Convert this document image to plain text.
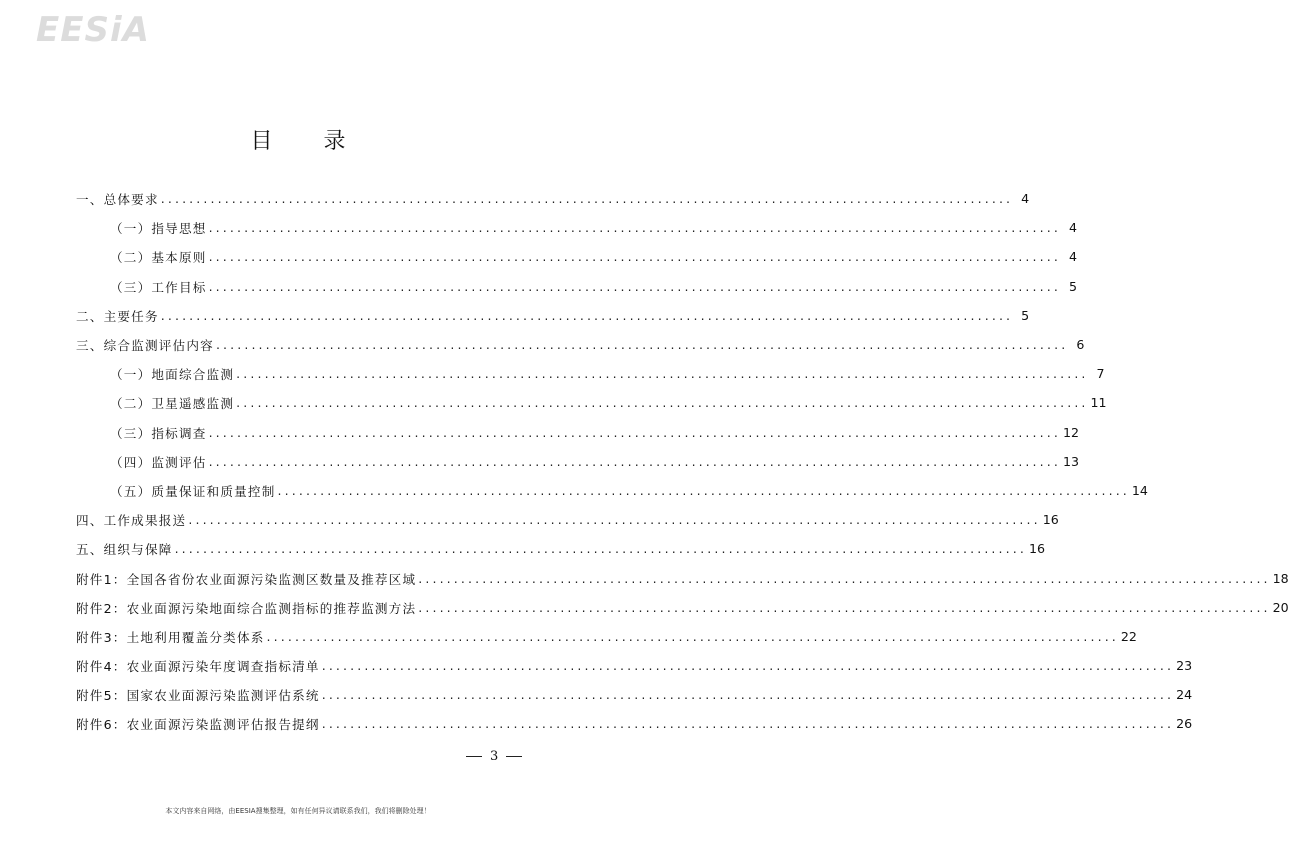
EESiA
目 录
一、总体要求 ........................................................................................................................ 4
（一）指导思想 ........................................................................................................................ 4
（二）基本原则 ........................................................................................................................ 4
（三）工作目标 ........................................................................................................................ 5
二、主要任务 ........................................................................................................................ 5
三、综合监测评估内容 ........................................................................................................................ 6
（一）地面综合监测 ........................................................................................................................ 7
（二）卫星遥感监测 ........................................................................................................................ 11
（三）指标调查 ........................................................................................................................ 12
（四）监测评估 ........................................................................................................................ 13
（五）质量保证和质量控制 ........................................................................................................................ 14
四、工作成果报送 ........................................................................................................................ 16
五、组织与保障 ........................................................................................................................ 16
附件1：全国各省份农业面源污染监测区数量及推荐区域 ........................................................................................................................ 18
附件2：农业面源污染地面综合监测指标的推荐监测方法 ........................................................................................................................ 20
附件3：土地利用覆盖分类体系 ........................................................................................................................ 22
附件4：农业面源污染年度调查指标清单 ........................................................................................................................ 23
附件5：国家农业面源污染监测评估系统 ........................................................................................................................ 24
附件6：农业面源污染监测评估报告提纲 ........................................................................................................................ 26
3
本文内容来自网络，由EESIA搜集整理，如有任何异议请联系我们，我们将删除处理！
